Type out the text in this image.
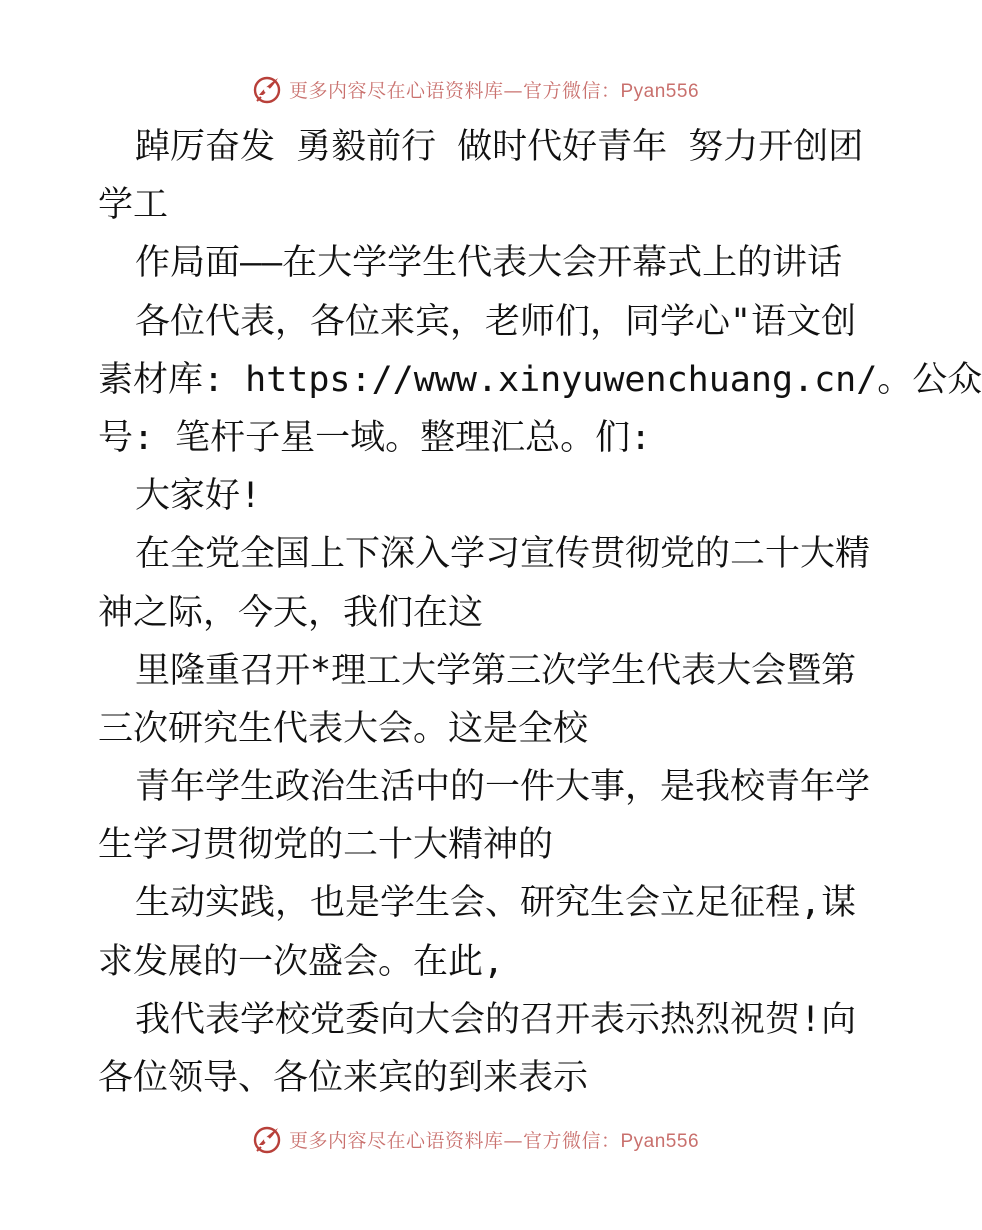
更多内容尽在心语资料库—官方微信：Pyan556
踔厉奋发 勇毅前行 做时代好青年 努力开创团
学工
作局面——在大学学生代表大会开幕式上的讲话
各位代表，各位来宾，老师们，同学心"语文创
素材库: https://www.xinyuwenchuang.cn/。公众
号: 笔杆子星一域。整理汇总。们:
大家好!
在全党全国上下深入学习宣传贯彻党的二十大精
神之际，今天，我们在这
里隆重召开*理工大学第三次学生代表大会暨第
三次研究生代表大会。这是全校
青年学生政治生活中的一件大事，是我校青年学
生学习贯彻党的二十大精神的
生动实践，也是学生会、研究生会立足征程,谋
求发展的一次盛会。在此,
我代表学校党委向大会的召开表示热烈祝贺!向
各位领导、各位来宾的到来表示
更多内容尽在心语资料库—官方微信：Pyan556
